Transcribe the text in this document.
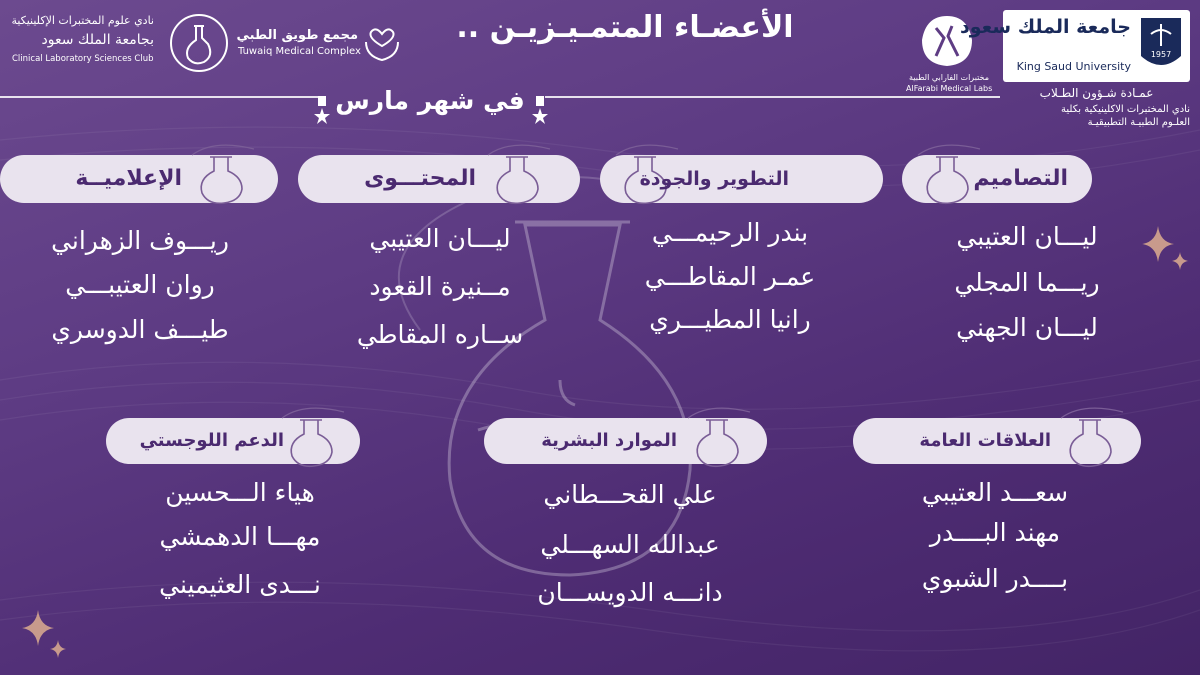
الأعضـاء المتمـيـزيـن ..
في شهر مارس
نادي علوم المختبرات الإكلينيكية
بجامعة الملك سعود
Clinical Laboratory Sciences Club
مجمع طويق الطبي
Tuwaiq Medical Complex
مختبرات الفارابي الطبية
AlFarabi Medical Labs
جامعة الملك سعود
King Saud University
1957
عمـادة شـؤون الطـلاب
نادي المختبرات الاكلينيكية بكلية
العلـوم الطبيـة التطبيقيـة
التصاميم
ليـــان العتيبي
ريـــما المجلي
ليـــان الجهني
التطوير والجودة
بندر الرحيمـــي
عمـر المقاطـــي
رانيا المطيـــري
المحتـــوى
ليـــان العتيبي
مــنيرة القعود
ســاره المقاطي
الإعلاميــة
ريـــوف الزهراني
روان العتيبـــي
طيـــف الدوسري
العلاقات العامة
سعـــد العتيبي
مهند البــــدر
بــــدر الشبوي
الموارد البشرية
علي القحـــطاني
عبدالله السهـــلي
دانـــه الدويســـان
الدعم اللوجستي
هياء الـــحسين
مهـــا الدهمشي
نـــدى العثيميني
